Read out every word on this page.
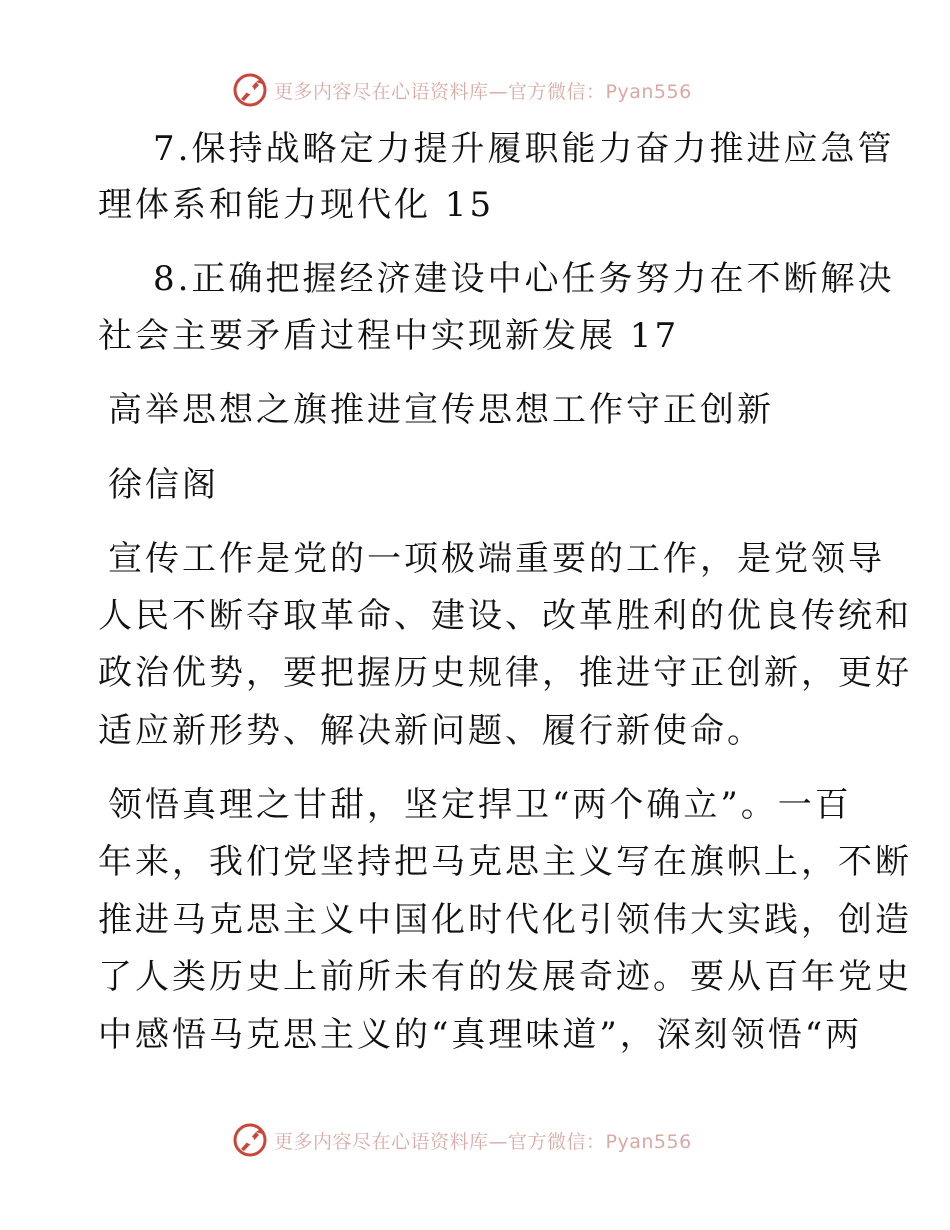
更多内容尽在心语资料库—官方微信：Pyan556
7.保持战略定力提升履职能力奋力推进应急管
理体系和能力现代化 15
8.正确把握经济建设中心任务努力在不断解决
社会主要矛盾过程中实现新发展 17
高举思想之旗推进宣传思想工作守正创新
徐信阁
宣传工作是党的一项极端重要的工作，是党领导
人民不断夺取革命、建设、改革胜利的优良传统和
政治优势，要把握历史规律，推进守正创新，更好
适应新形势、解决新问题、履行新使命。
领悟真理之甘甜，坚定捍卫“两个确立”。一百
年来，我们党坚持把马克思主义写在旗帜上，不断
推进马克思主义中国化时代化引领伟大实践，创造
了人类历史上前所未有的发展奇迹。要从百年党史
中感悟马克思主义的“真理味道”，深刻领悟“两
更多内容尽在心语资料库—官方微信：Pyan556
